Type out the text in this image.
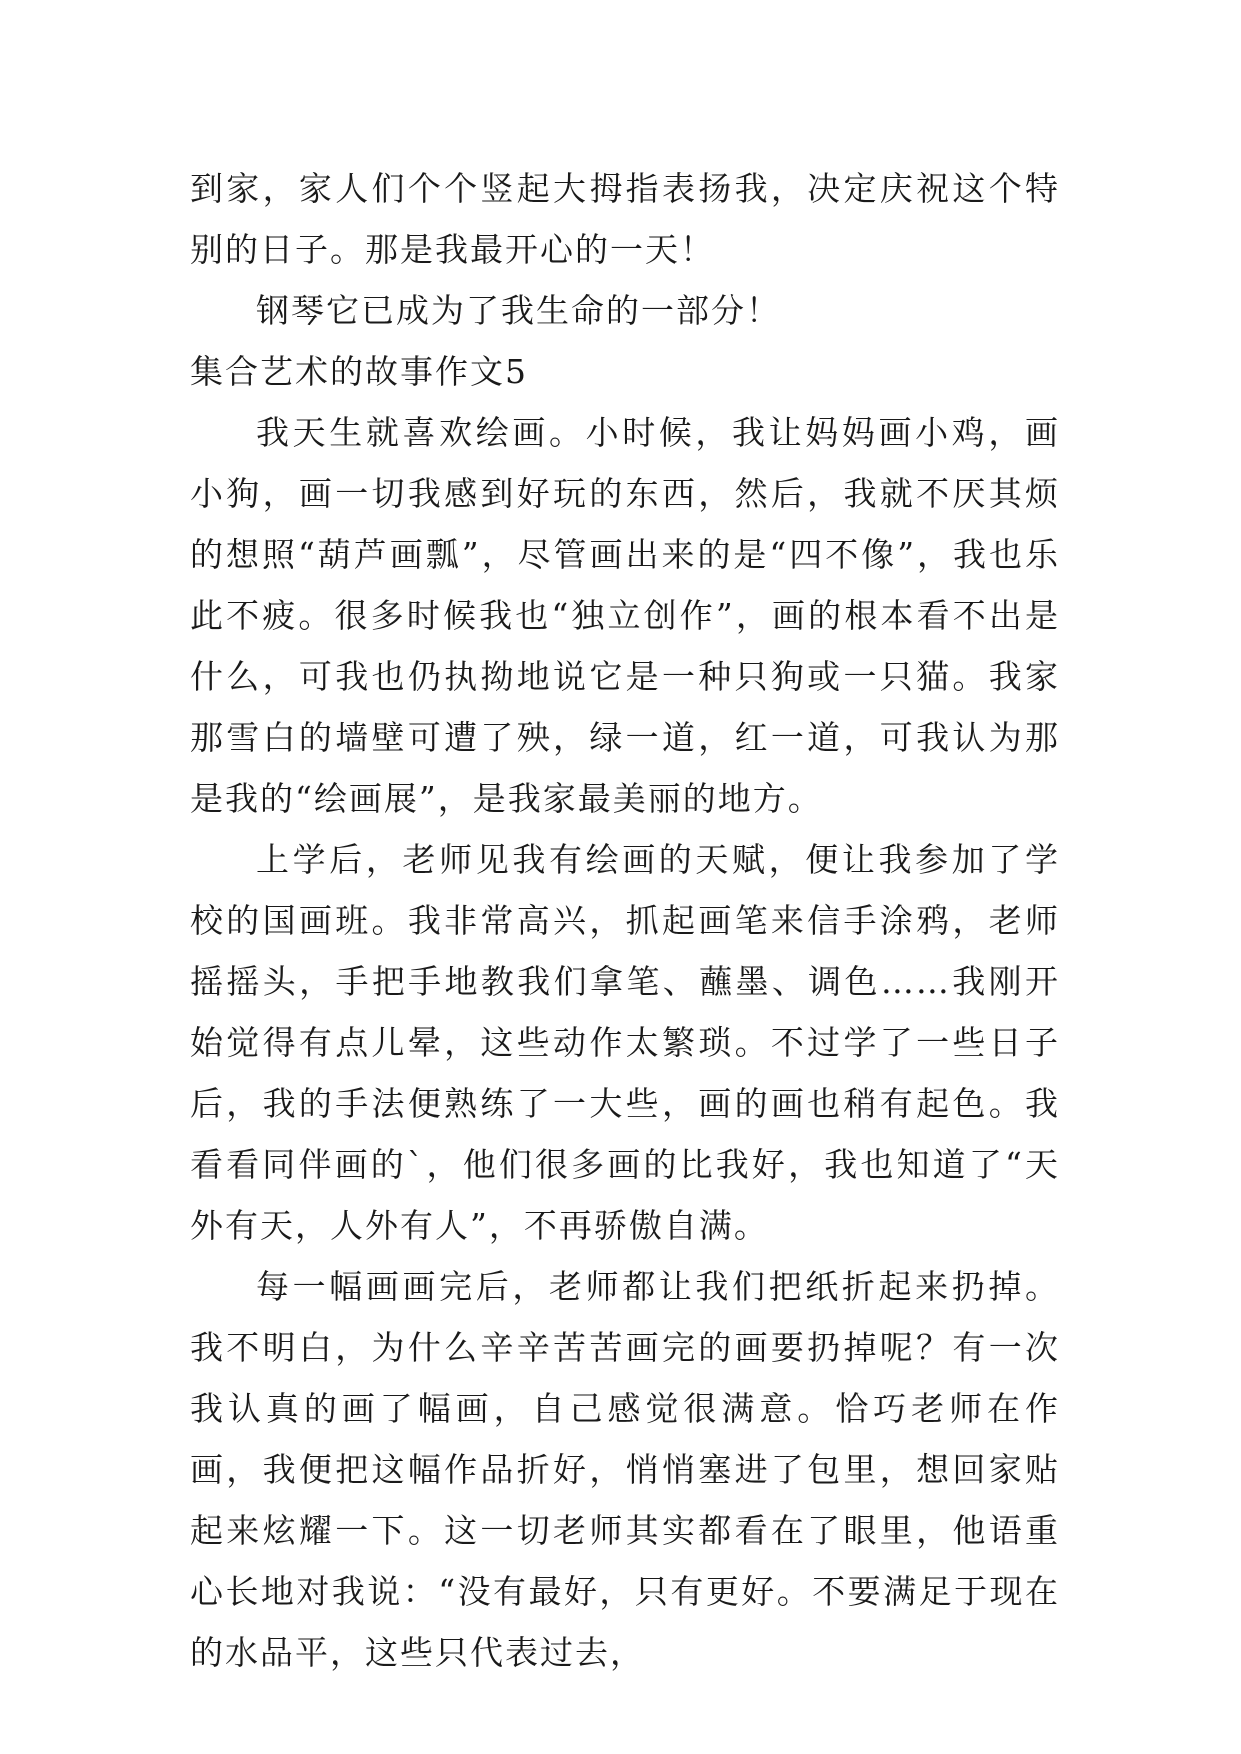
到家，家人们个个竖起大拇指表扬我，决定庆祝这个特别的日子。那是我最开心的一天！

钢琴它已成为了我生命的一部分！

集合艺术的故事作文5

我天生就喜欢绘画。小时候，我让妈妈画小鸡，画小狗，画一切我感到好玩的东西，然后，我就不厌其烦的想照“葫芦画瓢”，尽管画出来的是“四不像”，我也乐此不疲。很多时候我也“独立创作”，画的根本看不出是什么，可我也仍执拗地说它是一种只狗或一只猫。我家那雪白的墙壁可遭了殃，绿一道，红一道，可我认为那是我的“绘画展”，是我家最美丽的地方。

上学后，老师见我有绘画的天赋，便让我参加了学校的国画班。我非常高兴，抓起画笔来信手涂鸦，老师摇摇头，手把手地教我们拿笔、蘸墨、调色……我刚开始觉得有点儿晕，这些动作太繁琐。不过学了一些日子后，我的手法便熟练了一大些，画的画也稍有起色。我看看同伴画的`，他们很多画的比我好，我也知道了“天外有天，人外有人”，不再骄傲自满。

每一幅画画完后，老师都让我们把纸折起来扔掉。我不明白，为什么辛辛苦苦画完的画要扔掉呢？有一次我认真的画了幅画，自己感觉很满意。恰巧老师在作画，我便把这幅作品折好，悄悄塞进了包里，想回家贴起来炫耀一下。这一切老师其实都看在了眼里，他语重心长地对我说：“没有最好，只有更好。不要满足于现在的水品平，这些只代表过去，
